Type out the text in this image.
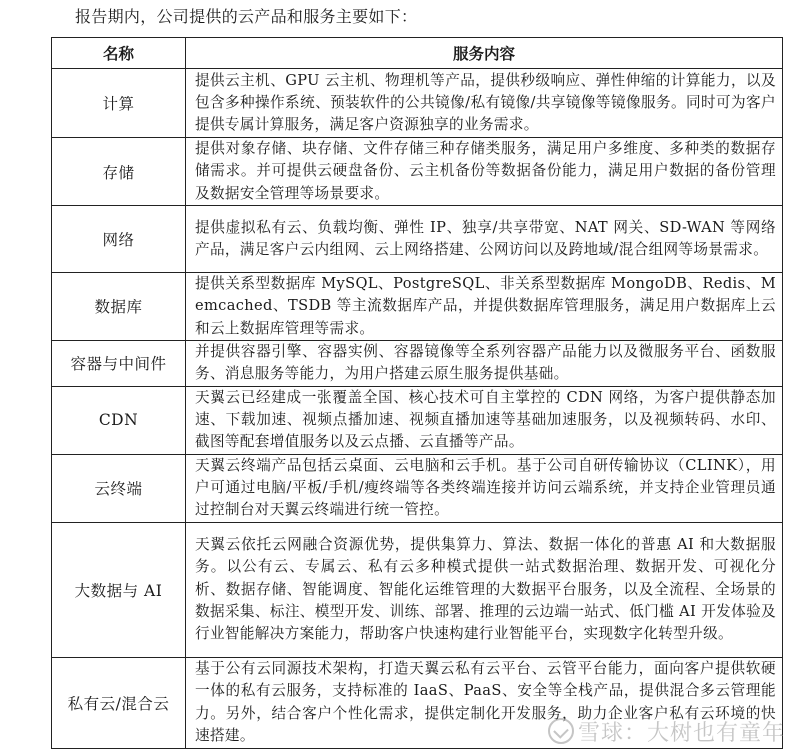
报告期内，公司提供的云产品和服务主要如下：
名称	服务内容
计算	提供云主机、GPU 云主机、物理机等产品，提供秒级响应、弹性伸缩的计算能力，以及包含多种操作系统、预装软件的公共镜像/私有镜像/共享镜像等镜像服务。同时可为客户提供专属计算服务，满足客户资源独享的业务需求。
存储	提供对象存储、块存储、文件存储三种存储类服务，满足用户多维度、多种类的数据存储需求。并可提供云硬盘备份、云主机备份等数据备份能力，满足用户数据的备份管理及数据安全管理等场景要求。
网络	提供虚拟私有云、负载均衡、弹性 IP、独享/共享带宽、NAT 网关、SD-WAN 等网络产品，满足客户云内组网、云上网络搭建、公网访问以及跨地域/混合组网等场景需求。
数据库	提供关系型数据库 MySQL、PostgreSQL、非关系型数据库 MongoDB、Redis、Memcached、TSDB 等主流数据库产品，并提供数据库管理服务，满足用户数据库上云和云上数据库管理等需求。
容器与中间件	并提供容器引擎、容器实例、容器镜像等全系列容器产品能力以及微服务平台、函数服务、消息服务等能力，为用户搭建云原生服务提供基础。
CDN	天翼云已经建成一张覆盖全国、核心技术可自主掌控的 CDN 网络，为客户提供静态加速、下载加速、视频点播加速、视频直播加速等基础加速服务，以及视频转码、水印、截图等配套增值服务以及云点播、云直播等产品。
云终端	天翼云终端产品包括云桌面、云电脑和云手机。基于公司自研传输协议（CLINK），用户可通过电脑/平板/手机/瘦终端等各类终端连接并访问云端系统，并支持企业管理员通过控制台对天翼云终端进行统一管控。
大数据与 AI	天翼云依托云网融合资源优势，提供集算力、算法、数据一体化的普惠 AI 和大数据服务。以公有云、专属云、私有云多种模式提供一站式数据治理、数据开发、可视化分析、数据存储、智能调度、智能化运维管理的大数据平台服务，以及全流程、全场景的数据采集、标注、模型开发、训练、部署、推理的云边端一站式、低门槛 AI 开发体验及行业智能解决方案能力，帮助客户快速构建行业智能平台，实现数字化转型升级。
私有云/混合云	基于公有云同源技术架构，打造天翼云私有云平台、云管平台能力，面向客户提供软硬一体的私有云服务，支持标准的 IaaS、PaaS、安全等全栈产品，提供混合多云管理能力。另外，结合客户个性化需求，提供定制化开发服务，助力企业客户私有云环境的快速搭建。	雪球：大树也有童年
